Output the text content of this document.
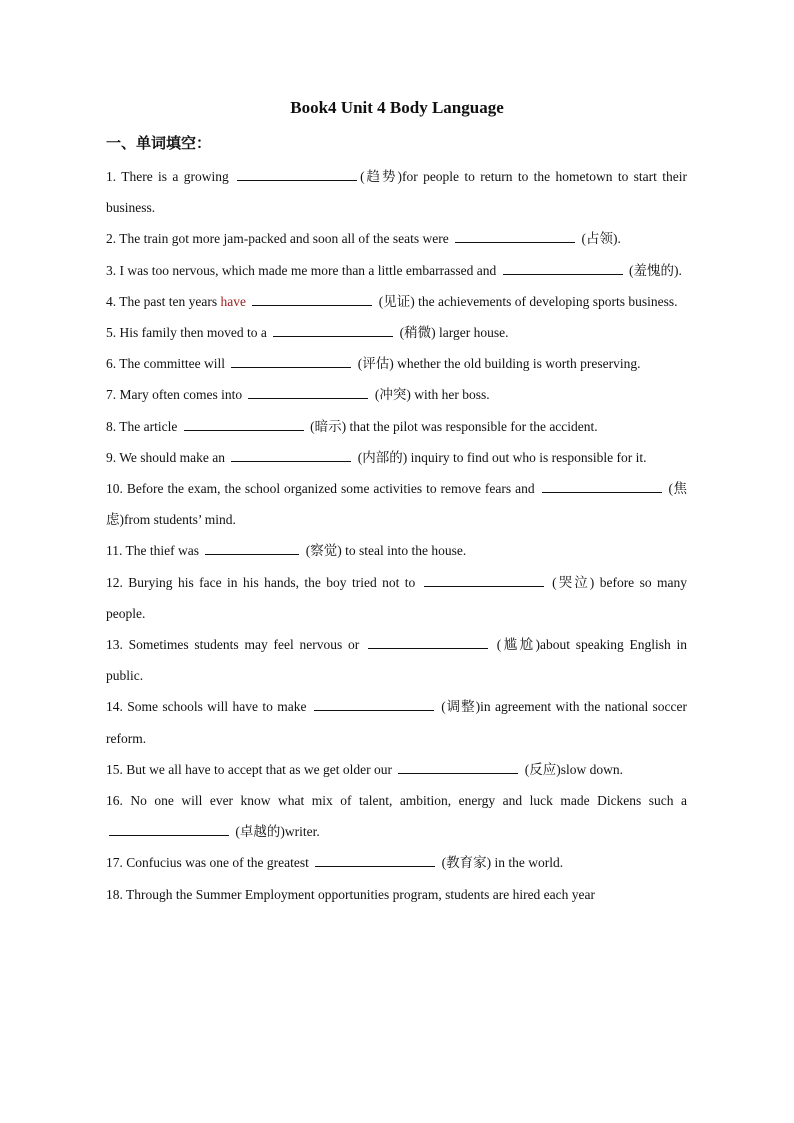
Book4 Unit 4 Body Language
一、单词填空：

1. There is a growing	(趋势)for people to return to the hometown to start their business.

2. The train got more jam-packed and soon all of the seats were	(占领).

3. I was too nervous, which made me more than a little embarrassed and	(羞愧的).

4. The past ten years have	(见证) the achievements of developing sports business.

5. His family then moved to a	(稍微) larger house.

6. The committee will	(评估) whether the old building is worth preserving.

7. Mary often comes into	(冲突) with her boss.

8. The article	(暗示) that the pilot was responsible for the accident.

9. We should make an	(内部的) inquiry to find out who is responsible for it.

10. Before the exam, the school organized some activities to remove fears and	(焦虑)from students’ mind.

11. The thief was	(察觉) to steal into the house.

12. Burying his face in his hands, the boy tried not to	(哭泣) before so many people.

13. Sometimes students may feel nervous or	(尴尬)about speaking English in public.

14. Some schools will have to make	(调整)in agreement with the national soccer reform.

15. But we all have to accept that as we get older our	(反应)slow down.

16. No one will ever know what mix of talent, ambition, energy and luck made Dickens such a  (卓越的)writer.

17. Confucius was one of the greatest	(教育家) in the world.

18. Through the Summer Employment opportunities program, students are hired each year
